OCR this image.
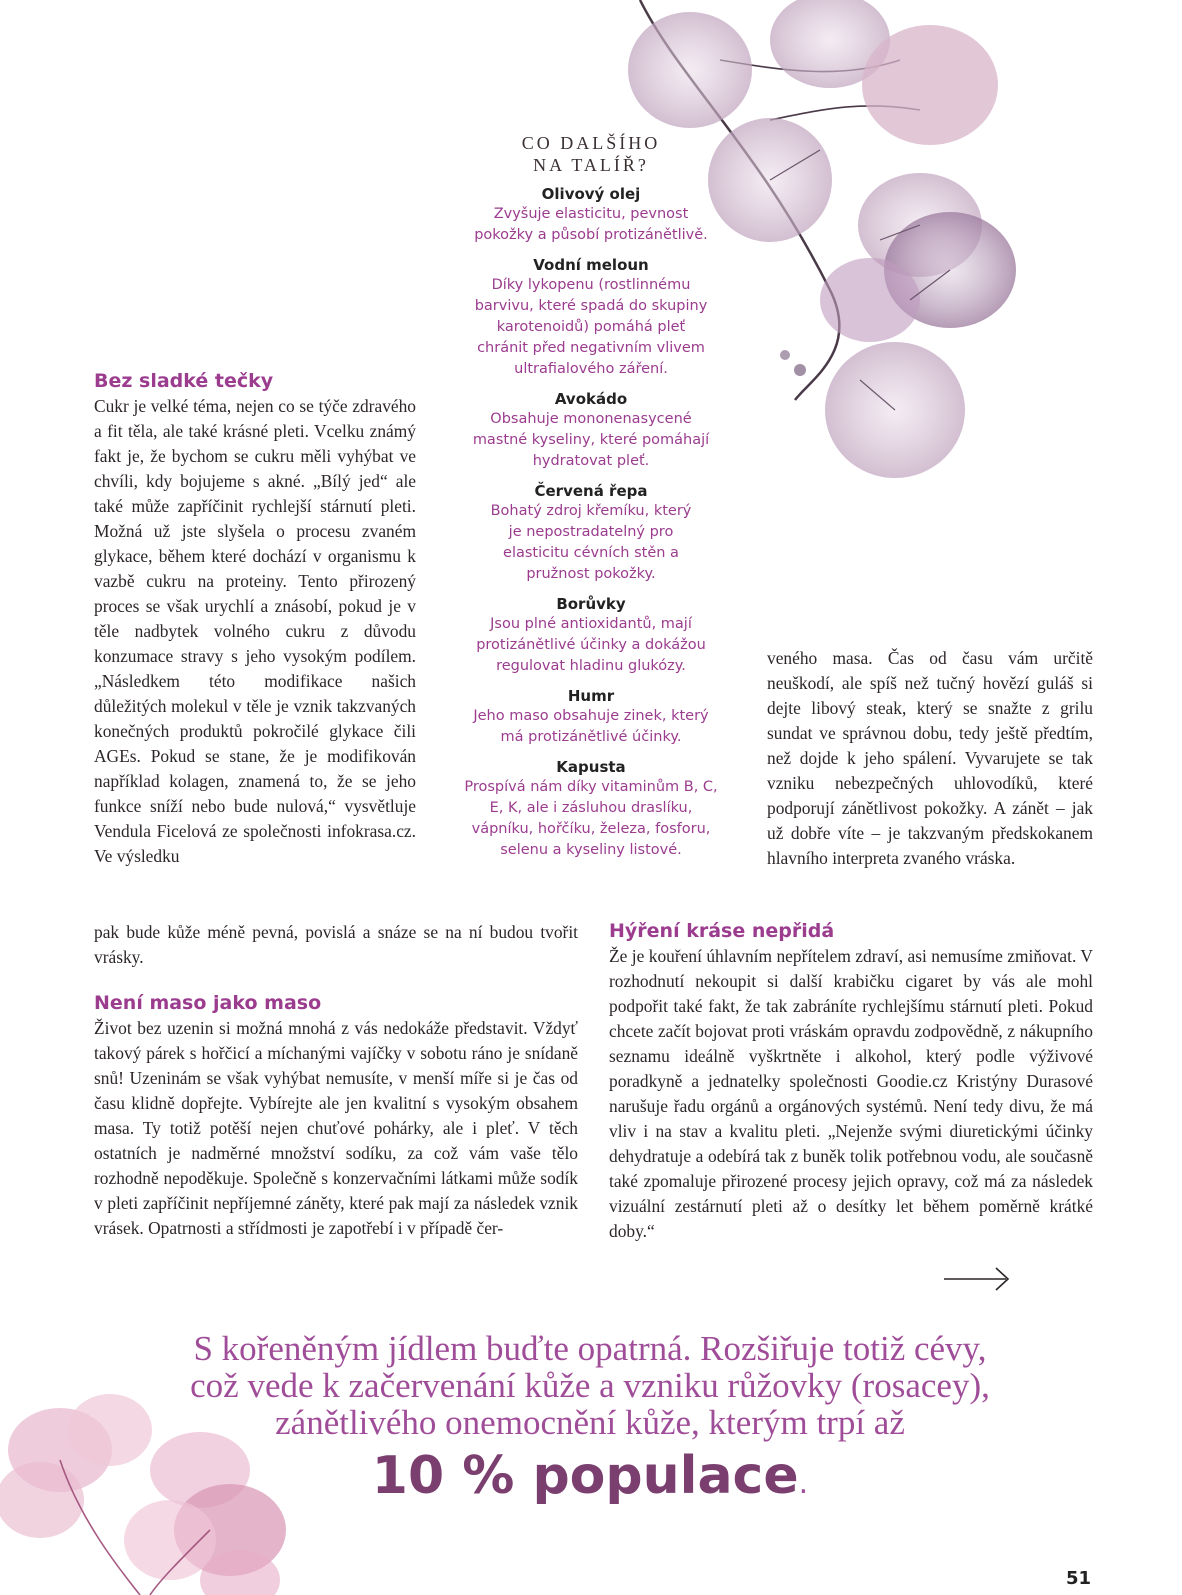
CO DALŠÍHO
NA TALÍŘ?
Olivový olej
Zvyšuje elasticitu, pevnost pokožky a působí protizánětlivě.
Vodní meloun
Díky lykopenu (rostlinnému barvivu, které spadá do skupiny karotenoidů) pomáhá pleť chránit před negativním vlivem ultrafialového záření.
Avokádo
Obsahuje mononenasycené mastné kyseliny, které pomáhají hydratovat pleť.
Červená řepa
Bohatý zdroj křemíku, který je nepostradatelný pro elasticitu cévních stěn a pružnost pokožky.
Borůvky
Jsou plné antioxidantů, mají protizánětlivé účinky a dokážou regulovat hladinu glukózy.
Humr
Jeho maso obsahuje zinek, který má protizánětlivé účinky.
Kapusta
Prospívá nám díky vitaminům B, C, E, K, ale i zásluhou draslíku, vápníku, hořčíku, železa, fosforu, selenu a kyseliny listové.
Bez sladké tečky

Cukr je velké téma, nejen co se týče zdravého a fit těla, ale také krásné pleti. Vcelku známý fakt je, že bychom se cukru měli vyhýbat ve chvíli, kdy bojujeme s akné. „Bílý jed“ ale také může zapříčinit rychlejší stárnutí pleti. Možná už jste slyšela o procesu zvaném glykace, během které dochází v organismu k vazbě cukru na proteiny. Tento přirozený proces se však urychlí a znásobí, pokud je v těle nadbytek volného cukru z důvodu konzumace stravy s jeho vysokým podílem. „Následkem této modifikace našich důležitých molekul v těle je vznik takzvaných konečných produktů pokročilé glykace čili AGEs. Pokud se stane, že je modifikován například kolagen, znamená to, že se jeho funkce sníží nebo bude nulová,“ vysvětluje Vendula Ficelová ze společnosti infokrasa.cz. Ve výsledku

pak bude kůže méně pevná, povislá a snáze se na ní budou tvořit vrásky.

Není maso jako maso

Život bez uzenin si možná mnohá z vás nedokáže představit. Vždyť takový párek s hořčicí a míchanými vajíčky v sobotu ráno je snídaně snů! Uzeninám se však vyhýbat nemusíte, v menší míře si je čas od času klidně dopřejte. Vybírejte ale jen kvalitní s vysokým obsahem masa. Ty totiž potěší nejen chuťové pohárky, ale i pleť. V těch ostatních je nadměrné množství sodíku, za což vám vaše tělo rozhodně nepoděkuje. Společně s konzervačními látkami může sodík v pleti zapříčinit nepříjemné záněty, které pak mají za následek vznik vrásek. Opatrnosti a střídmosti je zapotřebí i v případě čer-

veného masa. Čas od času vám určitě neuškodí, ale spíš než tučný hovězí guláš si dejte libový steak, který se snažte z grilu sundat ve správnou dobu, tedy ještě předtím, než dojde k jeho spálení. Vyvarujete se tak vzniku nebezpečných uhlovodíků, které podporují zánětlivost pokožky. A zánět – jak už dobře víte – je takzvaným předskokanem hlavního interpreta zvaného vráska.

Hýření kráse nepřidá

Že je kouření úhlavním nepřítelem zdraví, asi nemusíme zmiňovat. V rozhodnutí nekoupit si další krabičku cigaret by vás ale mohl podpořit také fakt, že tak zabráníte rychlejšímu stárnutí pleti. Pokud chcete začít bojovat proti vráskám opravdu zodpovědně, z nákupního seznamu ideálně vyškrtněte i alkohol, který podle výživové poradkyně a jednatelky společnosti Goodie.cz Kristýny Durasové narušuje řadu orgánů a orgánových systémů. Není tedy divu, že má vliv i na stav a kvalitu pleti. „Nejenže svými diuretickými účinky dehydratuje a odebírá tak z buněk tolik potřebnou vodu, ale současně také zpomaluje přirozené procesy jejich opravy, což má za následek vizuální zestárnutí pleti až o desítky let během poměrně krátké doby.“

S kořeněným jídlem buďte opatrná. Rozšiřuje totiž cévy,
což vede k začervenání kůže a vzniku růžovky (rosacey),
zánětlivého onemocnění kůže, kterým trpí až
10 % populace.
51
